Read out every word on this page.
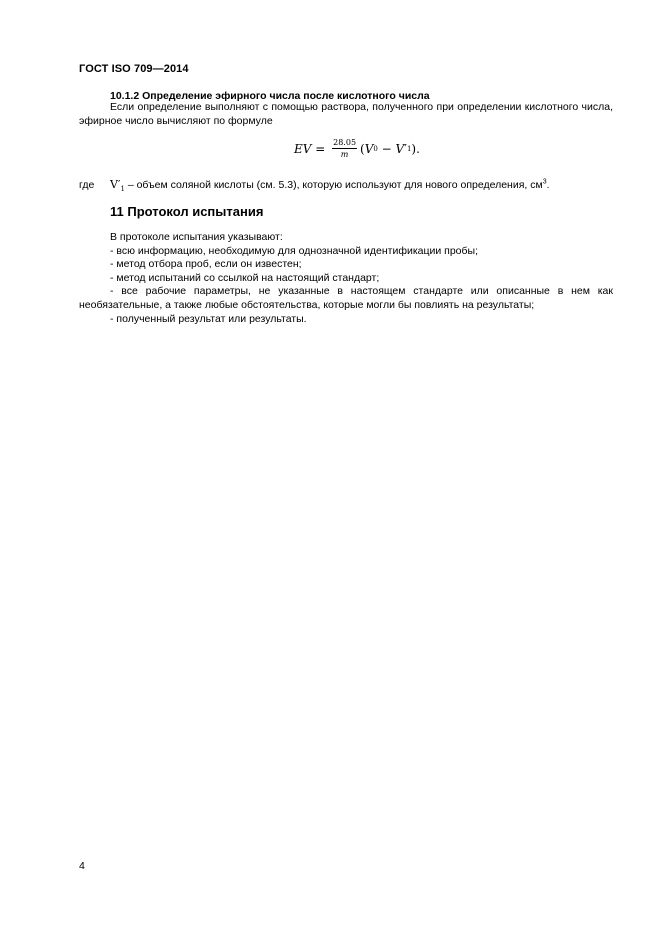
ГОСТ ISO 709—2014
10.1.2 Определение эфирного числа после кислотного числа
Если определение выполняют с помощью раствора, полученного при определении кислотного числа, эфирное число вычисляют по формуле
EV = $\frac{28.05}{m}$ ( V 0 − V ′ 1 ) .
где $V'_1$ – объем соляной кислоты (см. 5.3), которую используют для нового определения, $см^3$.
11 Протокол испытания
В протоколе испытания указывают:
- всю информацию, необходимую для однозначной идентификации пробы;
- метод отбора проб, если он известен;
- метод испытаний со ссылкой на настоящий стандарт;
- все рабочие параметры, не указанные в настоящем стандарте или описанные в нем как необязательные, а также любые обстоятельства, которые могли бы повлиять на результаты;
- полученный результат или результаты.
4
